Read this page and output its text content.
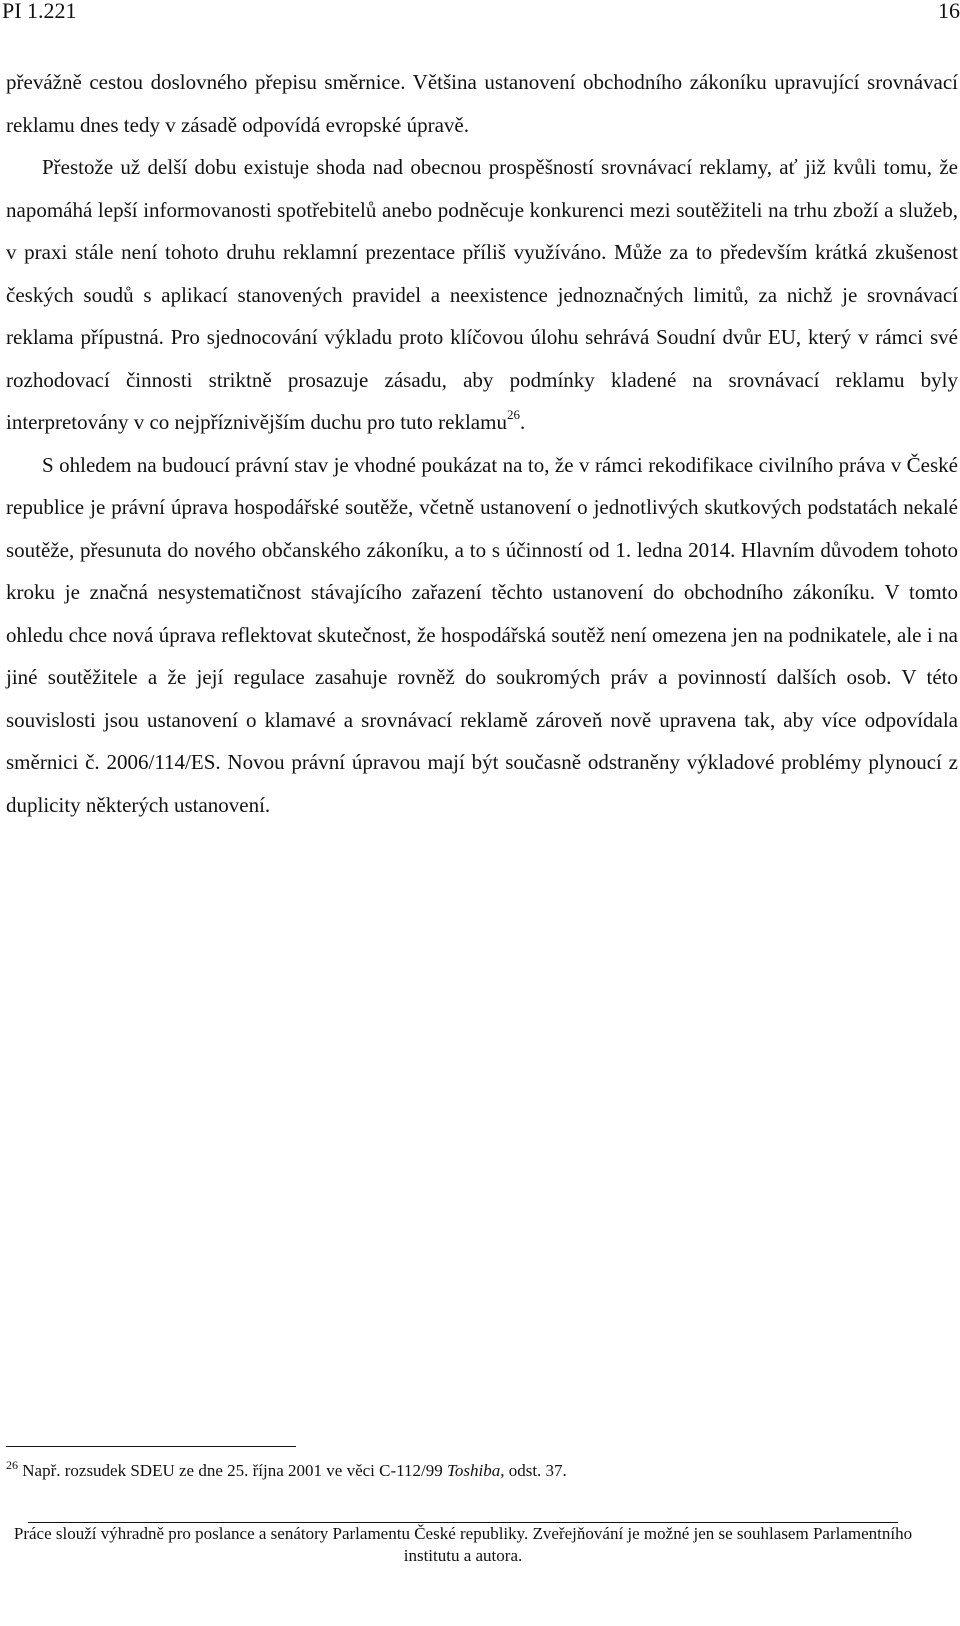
PI 1.221	16

převážně cestou doslovného přepisu směrnice. Většina ustanovení obchodního zákoníku upravující srovnávací reklamu dnes tedy v zásadě odpovídá evropské úpravě.

Přestože už delší dobu existuje shoda nad obecnou prospěšností srovnávací reklamy, ať již kvůli tomu, že napomáhá lepší informovanosti spotřebitelů anebo podněcuje konkurenci mezi soutěžiteli na trhu zboží a služeb, v praxi stále není tohoto druhu reklamní prezentace příliš využíváno. Může za to především krátká zkušenost českých soudů s aplikací stanovených pravidel a neexistence jednoznačných limitů, za nichž je srovnávací reklama přípustná. Pro sjednocování výkladu proto klíčovou úlohu sehrává Soudní dvůr EU, který v rámci své rozhodovací činnosti striktně prosazuje zásadu, aby podmínky kladené na srovnávací reklamu byly interpretovány v co nejpříznivějším duchu pro tuto reklamu$^{26}$.

S ohledem na budoucí právní stav je vhodné poukázat na to, že v rámci rekodifikace civilního práva v České republice je právní úprava hospodářské soutěže, včetně ustanovení o jednotlivých skutkových podstatách nekalé soutěže, přesunuta do nového občanského zákoníku, a to s účinností od 1. ledna 2014. Hlavním důvodem tohoto kroku je značná nesystematičnost stávajícího zařazení těchto ustanovení do obchodního zákoníku. V tomto ohledu chce nová úprava reflektovat skutečnost, že hospodářská soutěž není omezena jen na podnikatele, ale i na jiné soutěžitele a že její regulace zasahuje rovněž do soukromých práv a povinností dalších osob. V této souvislosti jsou ustanovení o klamavé a srovnávací reklamě zároveň nově upravena tak, aby více odpovídala směrnici č. 2006/114/ES. Novou právní úpravou mají být současně odstraněny výkladové problémy plynoucí z duplicity některých ustanovení.

$^{26}$ Např. rozsudek SDEU ze dne 25. října 2001 ve věci C-112/99 Toshiba, odst. 37.
Práce slouží výhradně pro poslance a senátory Parlamentu České republiky. Zveřejňování je možné jen se souhlasem Parlamentního institutu a autora.
